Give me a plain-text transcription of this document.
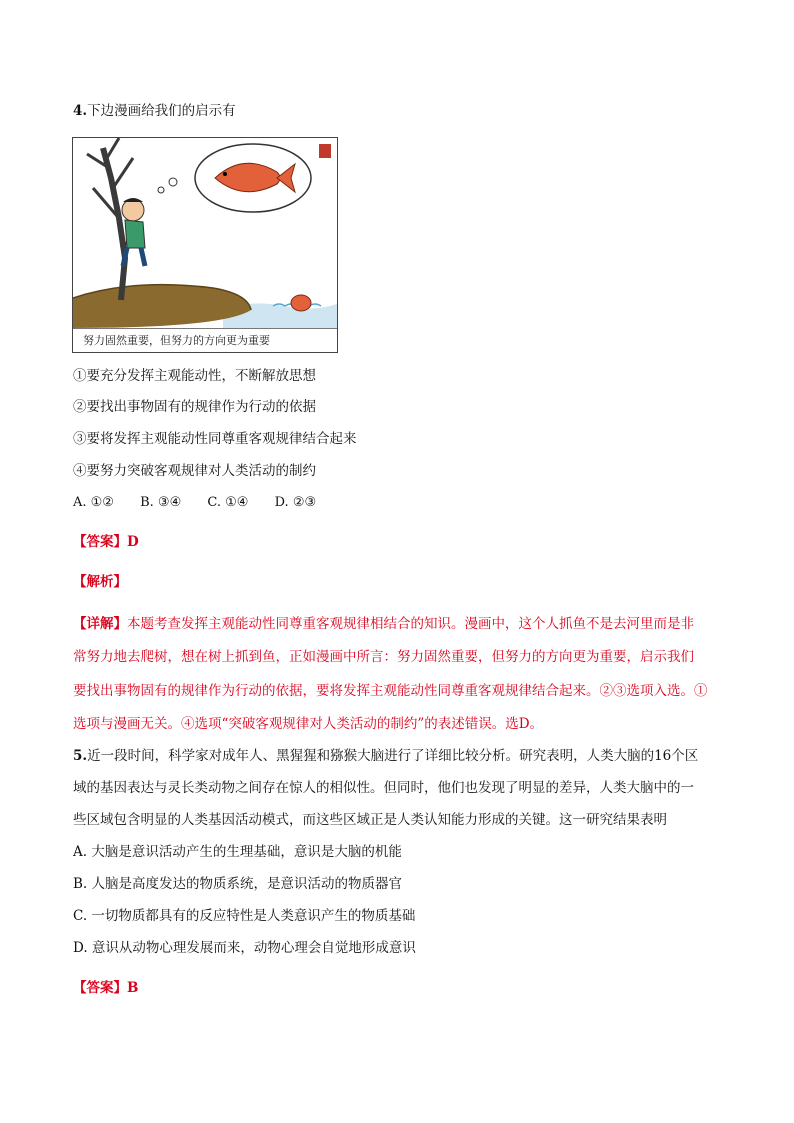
4.下边漫画给我们的启示有
努力固然重要，但努力的方向更为重要
①要充分发挥主观能动性，不断解放思想
②要找出事物固有的规律作为行动的依据
③要将发挥主观能动性同尊重客观规律结合起来
④要努力突破客观规律对人类活动的制约
A. ①② B. ③④ C. ①④ D. ②③
【答案】D
【解析】
【详解】本题考查发挥主观能动性同尊重客观规律相结合的知识。漫画中，这个人抓鱼不是去河里而是非
常努力地去爬树，想在树上抓到鱼，正如漫画中所言：努力固然重要，但努力的方向更为重要，启示我们
要找出事物固有的规律作为行动的依据，要将发挥主观能动性同尊重客观规律结合起来。②③选项入选。①
选项与漫画无关。④选项“突破客观规律对人类活动的制约”的表述错误。选D。
5.近一段时间，科学家对成年人、黑猩猩和猕猴大脑进行了详细比较分析。研究表明，人类大脑的16个区
域的基因表达与灵长类动物之间存在惊人的相似性。但同时，他们也发现了明显的差异，人类大脑中的一
些区域包含明显的人类基因活动模式，而这些区域正是人类认知能力形成的关键。这一研究结果表明
A. 大脑是意识活动产生的生理基础，意识是大脑的机能
B. 人脑是高度发达的物质系统，是意识活动的物质器官
C. 一切物质都具有的反应特性是人类意识产生的物质基础
D. 意识从动物心理发展而来，动物心理会自觉地形成意识
【答案】B
